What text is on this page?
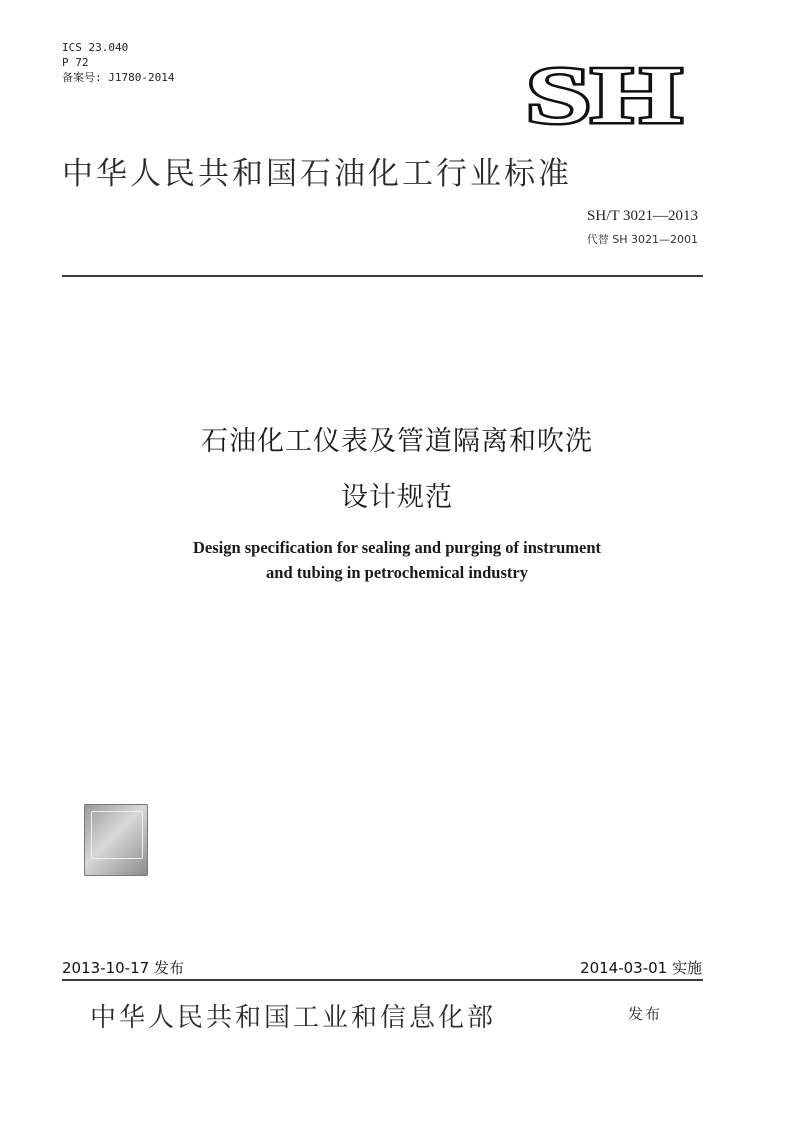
ICS 23.040
P 72
备案号: J1780-2014	SH
中华人民共和国石油化工行业标准
SH/T 3021—2013
代替 SH 3021—2001
石油化工仪表及管道隔离和吹洗
设计规范
Design specification for sealing and purging of instrument
and tubing in petrochemical industry
2013-10-17 发布	2014-03-01 实施
中华人民共和国工业和信息化部	发布
